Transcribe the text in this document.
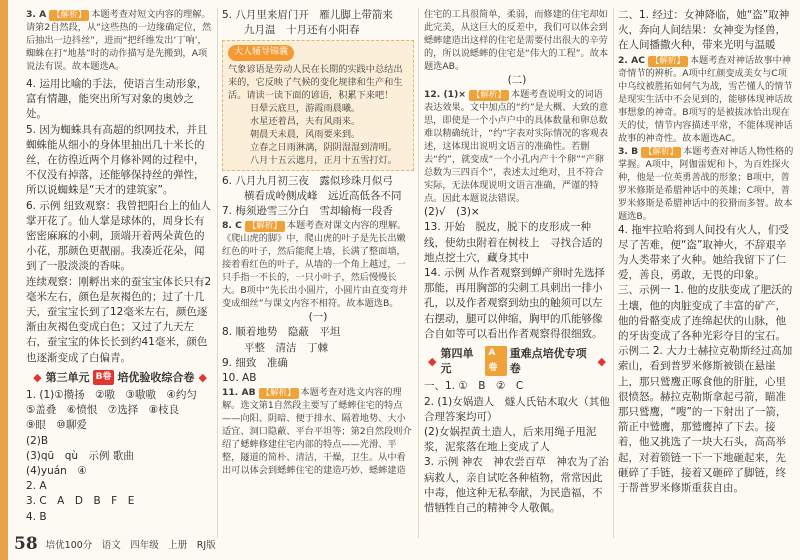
3. A 【解析】 本题考查对短文内容的理解。请第2自然段，从“这些热的一边缘确定位，然后抽出一边抖丝”，进而“把纤维发出‘丁响’，蜘蛛在打“地基”时的动作描写是先搬到，A项说法有误。故本题选A。

4. 运用比喻的手法，使语言生动形象，富有情趣，能突出所写对象的奥妙之处。

5. 因为蜘蛛具有高超的织网技术，并且蜘蛛能从细小的身体里抽出几十米长的丝，在彷徨近两个月修补网的过程中，不仅没有掉落，还能够保持丝的弹性，所以说蜘蛛是“天才的建筑家”。

6. 示例 纽致观察：我曾把阳台上的仙人掌开花了。仙人掌是球体的，周身长有密密麻麻的小刺，顶端开着两朵黄色的小花，那颜色更靓丽。我凑近花朵，闻到了一股淡淡的香味。

连续观察：刚孵出来的蚕宝宝体长只有2毫米左右，颜色是灰褐色的；过了十几天，蚕宝宝长到了12毫米左右，颜色逐渐由灰褐色变成白色；又过了九天左右，蚕宝宝的体长长到约41毫米，颜色也逐渐变成了白偏青。

◆ 第三单元 B卷 培优验收综合卷 ◆

1. (1)①攒扬　②嗷　③嗷嗷　④约匀

⑤盖叠　⑥愤恨　⑦选择　⑧枝良

⑨眼　⑩聊爱

(2)B

(3)qū　qù　示例 歌曲

(4)yuán　④

2. A

3. C　A　D　B　F　E

4. B

5. 八月里来眉门开　雁儿脚上带箭来

九月温　十月还有小阳春

大人辅导锦囊

气象谚语是劳动人民在长期的实践中总结出来的，它反映了气候的变化规律和生产和生活。请读一读下面的谚语，积累下来吧！

日晕云底旦，游霞雨晨曦。

水星还着昌，夫有风雨来。

朝晨天未晨，风雨要来到。

立春之日雨淋漓，阴阴湿湿到清明。

八月十五云遮月，正月十五雪打灯。

6. 八月九月初三夜　露似珍珠月似弓

横看成岭侧成峰　远近高低各不同

7. 梅须逊雪三分白　雪却输梅一段香

8. C 【解析】 本题考查对课文内容的理解。《爬山虎的脚》中，爬山虎的叶子是先长出嫩红色的叶子，然后能爬上墙，长满了整面墙，接着看红色的叶子，从墙的一个角上越过，一只手指一不长的，一只小叶子，然后慢慢长大。B项中“先长出小圆片，小圆片由直变弯并变成细丝”与课文内容不相符。故本题选B。

(一)

8. 顺着地势　隐蔽　平坦

平整　清洁　丁棘

9. 细致　准确

10. AB

11. AB 【解析】 本题考查对选文内容的理解。选文第1自然段主要写了蟋蟀住宅的特点——向阳、阴暗、便于排水、隔着地势、大小适宜、洞口隐蔽、平台平坦等；第2自然段则介绍了蟋蟀修建住宅内部的特点——光滑、平整，隧道的简朴、清洁，干燥，卫生。从中看出可以体会到蟋蟀住宅的建造巧妙、蟋蟀建造

住宅的工具很简单，柔弱，而修建的住宅却如此完美，从这巨大的反差中，我们可以体会到蟋蟀建造出这样的住宅是需要付出很大的辛劳的，所以说蟋蟀的住宅是“伟大的工程”。故本题选AB。

(二)

12. (1)× 【解析】 本题考查说明文的词语表达效果。文中加点的“约”是大概、大致的意思，即使是一个小卢户中的具体数量和卵总数难以精确统计，“约”字表对实际情况的客观表述，这体现出说明文语言的准确性。若删去“约”，就变成“一个小孔内产十个卵”“产卵总数为三四百个”，表述太过绝对，且不符合实际，无法体现说明文语言准确，严谨的特点。因此本题说法错误。

(2)√　(3)×

13. 开始　脱皮，脱下的皮形成一种线，使幼虫附着在树枝上　寻找合适的地点挖土穴，藏身其中

14. 示例 从作者观察到蝉产卵时先选择那能，再用胸部的尖刺工具刺出一排小孔，以及作者观察到幼虫的触须可以左右摆动，腿可以伸缩，胸甲的爪能够像合自如等可以看出作者观察得很细致。

◆
第四单元
A卷
重难点培优专项卷
◆

一、1. ①　B　②　C

2. (1)女娲造人　燧人氏钻木取火（其他合理答案均可）

(2)女娲捏黄土造人，后来用绳子甩泥浆，泥浆落在地上变成了人

3. 示例 神农　神农尝百草　神农为了治病救人，亲自试吃各种植物，常常因此中毒，他这种无私奉献，为民造福，不惜牺牲自己的精神令人敬佩。

二、1. 经过：女神降临，她“盗”取神火，奔向人间结果：女神变为怪兽，在人间播撒火种，带来光明与温暖

2. AC 【解析】 本题考查对神话故事中神奇情节的辨析。A项中红颜变成美女与C项中乌纹被胜拓如何气为战，雪芒懂人的情节是现实生活中不会见到的，能够体现神话故事想象的神奇。B项写的是被拔冰恰出现在天的仗，情节内容描述平常，不能体现神话故事的神奇性。故本题选AC。

3. B 【解析】 本题考查对神话人物性格的掌握。A项中，阿伽雷妮和卜，为百姓探火种，他是一位英勇善战的形象；B项中，普罗米修斯是希腊神话中的英雄；C项中，普罗米修斯是希腊神话中的狡猾而多智。故本题选B。

4. 拖牢拉哈将到人间投有火人，们受尽了苦难，便“盗”取神火，不辞艰辛为人类带来了火种。她给我留下了仁爱，善良，勇敢，无畏的印象。

三、示例一 1. 他的皮肤变成了肥沃的土壤，他的肉脏变成了丰富的矿产，他的骨骼变成了连绵起伏的山脉，他的牙齿变成了各种光彩夺目的宝石。

示例二 2. 大力士赫拉克勒斯经过高加索山，看到普罗米修斯被锁在悬崖上，那只鹫鹰正啄食他的肝脏，心里很愤怒。赫拉克勒斯拿起弓箭，瞄准那只鹫鹰，“嗖”的一下射出了一箭，箭正中鹫鹰，那鹫鹰掉了下去。接着，他又挑选了一块大石头，高高举起，对着锁链一下一下地砸起来，先砸碎了手链，接着又砸碎了脚链，终于帮普罗米修斯重获自由。

58 培优100分　语文　四年级　上册　RJ版
